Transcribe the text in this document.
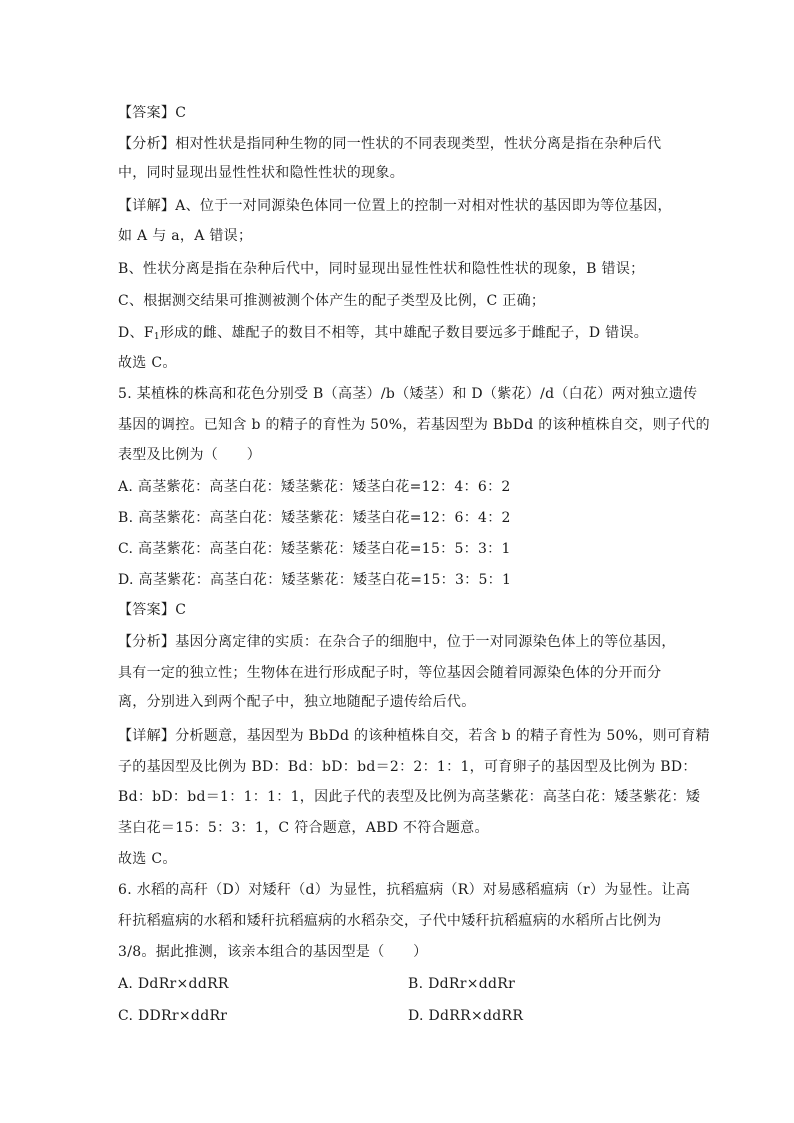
【答案】C
【分析】相对性状是指同种生物的同一性状的不同表现类型，性状分离是指在杂种后代
中，同时显现出显性性状和隐性性状的现象。
【详解】A、位于一对同源染色体同一位置上的控制一对相对性状的基因即为等位基因，
如 A 与 a，A 错误；
B、性状分离是指在杂种后代中，同时显现出显性性状和隐性性状的现象，B 错误；
C、根据测交结果可推测被测个体产生的配子类型及比例，C 正确；
D、$F_1$形成的雌、雄配子的数目不相等，其中雄配子数目要远多于雌配子，D 错误。
故选 C。
5. 某植株的株高和花色分别受 B（高茎）/b（矮茎）和 D（紫花）/d（白花）两对独立遗传
基因的调控。已知含 b 的精子的育性为 50%，若基因型为 BbDd 的该种植株自交，则子代的
表型及比例为（　　）
A. 高茎紫花：高茎白花：矮茎紫花：矮茎白花=12：4：6：2
B. 高茎紫花：高茎白花：矮茎紫花：矮茎白花=12：6：4：2
C. 高茎紫花：高茎白花：矮茎紫花：矮茎白花=15：5：3：1
D. 高茎紫花：高茎白花：矮茎紫花：矮茎白花=15：3：5：1
【答案】C
【分析】基因分离定律的实质：在杂合子的细胞中，位于一对同源染色体上的等位基因，
具有一定的独立性；生物体在进行形成配子时，等位基因会随着同源染色体的分开而分
离，分别进入到两个配子中，独立地随配子遗传给后代。
【详解】分析题意，基因型为 BbDd 的该种植株自交，若含 b 的精子育性为 50%，则可育精
子的基因型及比例为 BD：Bd：bD：bd＝2：2：1：1，可育卵子的基因型及比例为 BD：
Bd：bD：bd＝1：1：1：1，因此子代的表型及比例为高茎紫花：高茎白花：矮茎紫花：矮
茎白花＝15：5：3：1，C 符合题意，ABD 不符合题意。
故选 C。
6. 水稻的高秆（D）对矮秆（d）为显性，抗稻瘟病（R）对易感稻瘟病（r）为显性。让高
秆抗稻瘟病的水稻和矮秆抗稻瘟病的水稻杂交，子代中矮秆抗稻瘟病的水稻所占比例为
3/8。据此推测，该亲本组合的基因型是（　　）
A. DdRr×ddRR	B. DdRr×ddRr
C. DDRr×ddRr	D. DdRR×ddRR
